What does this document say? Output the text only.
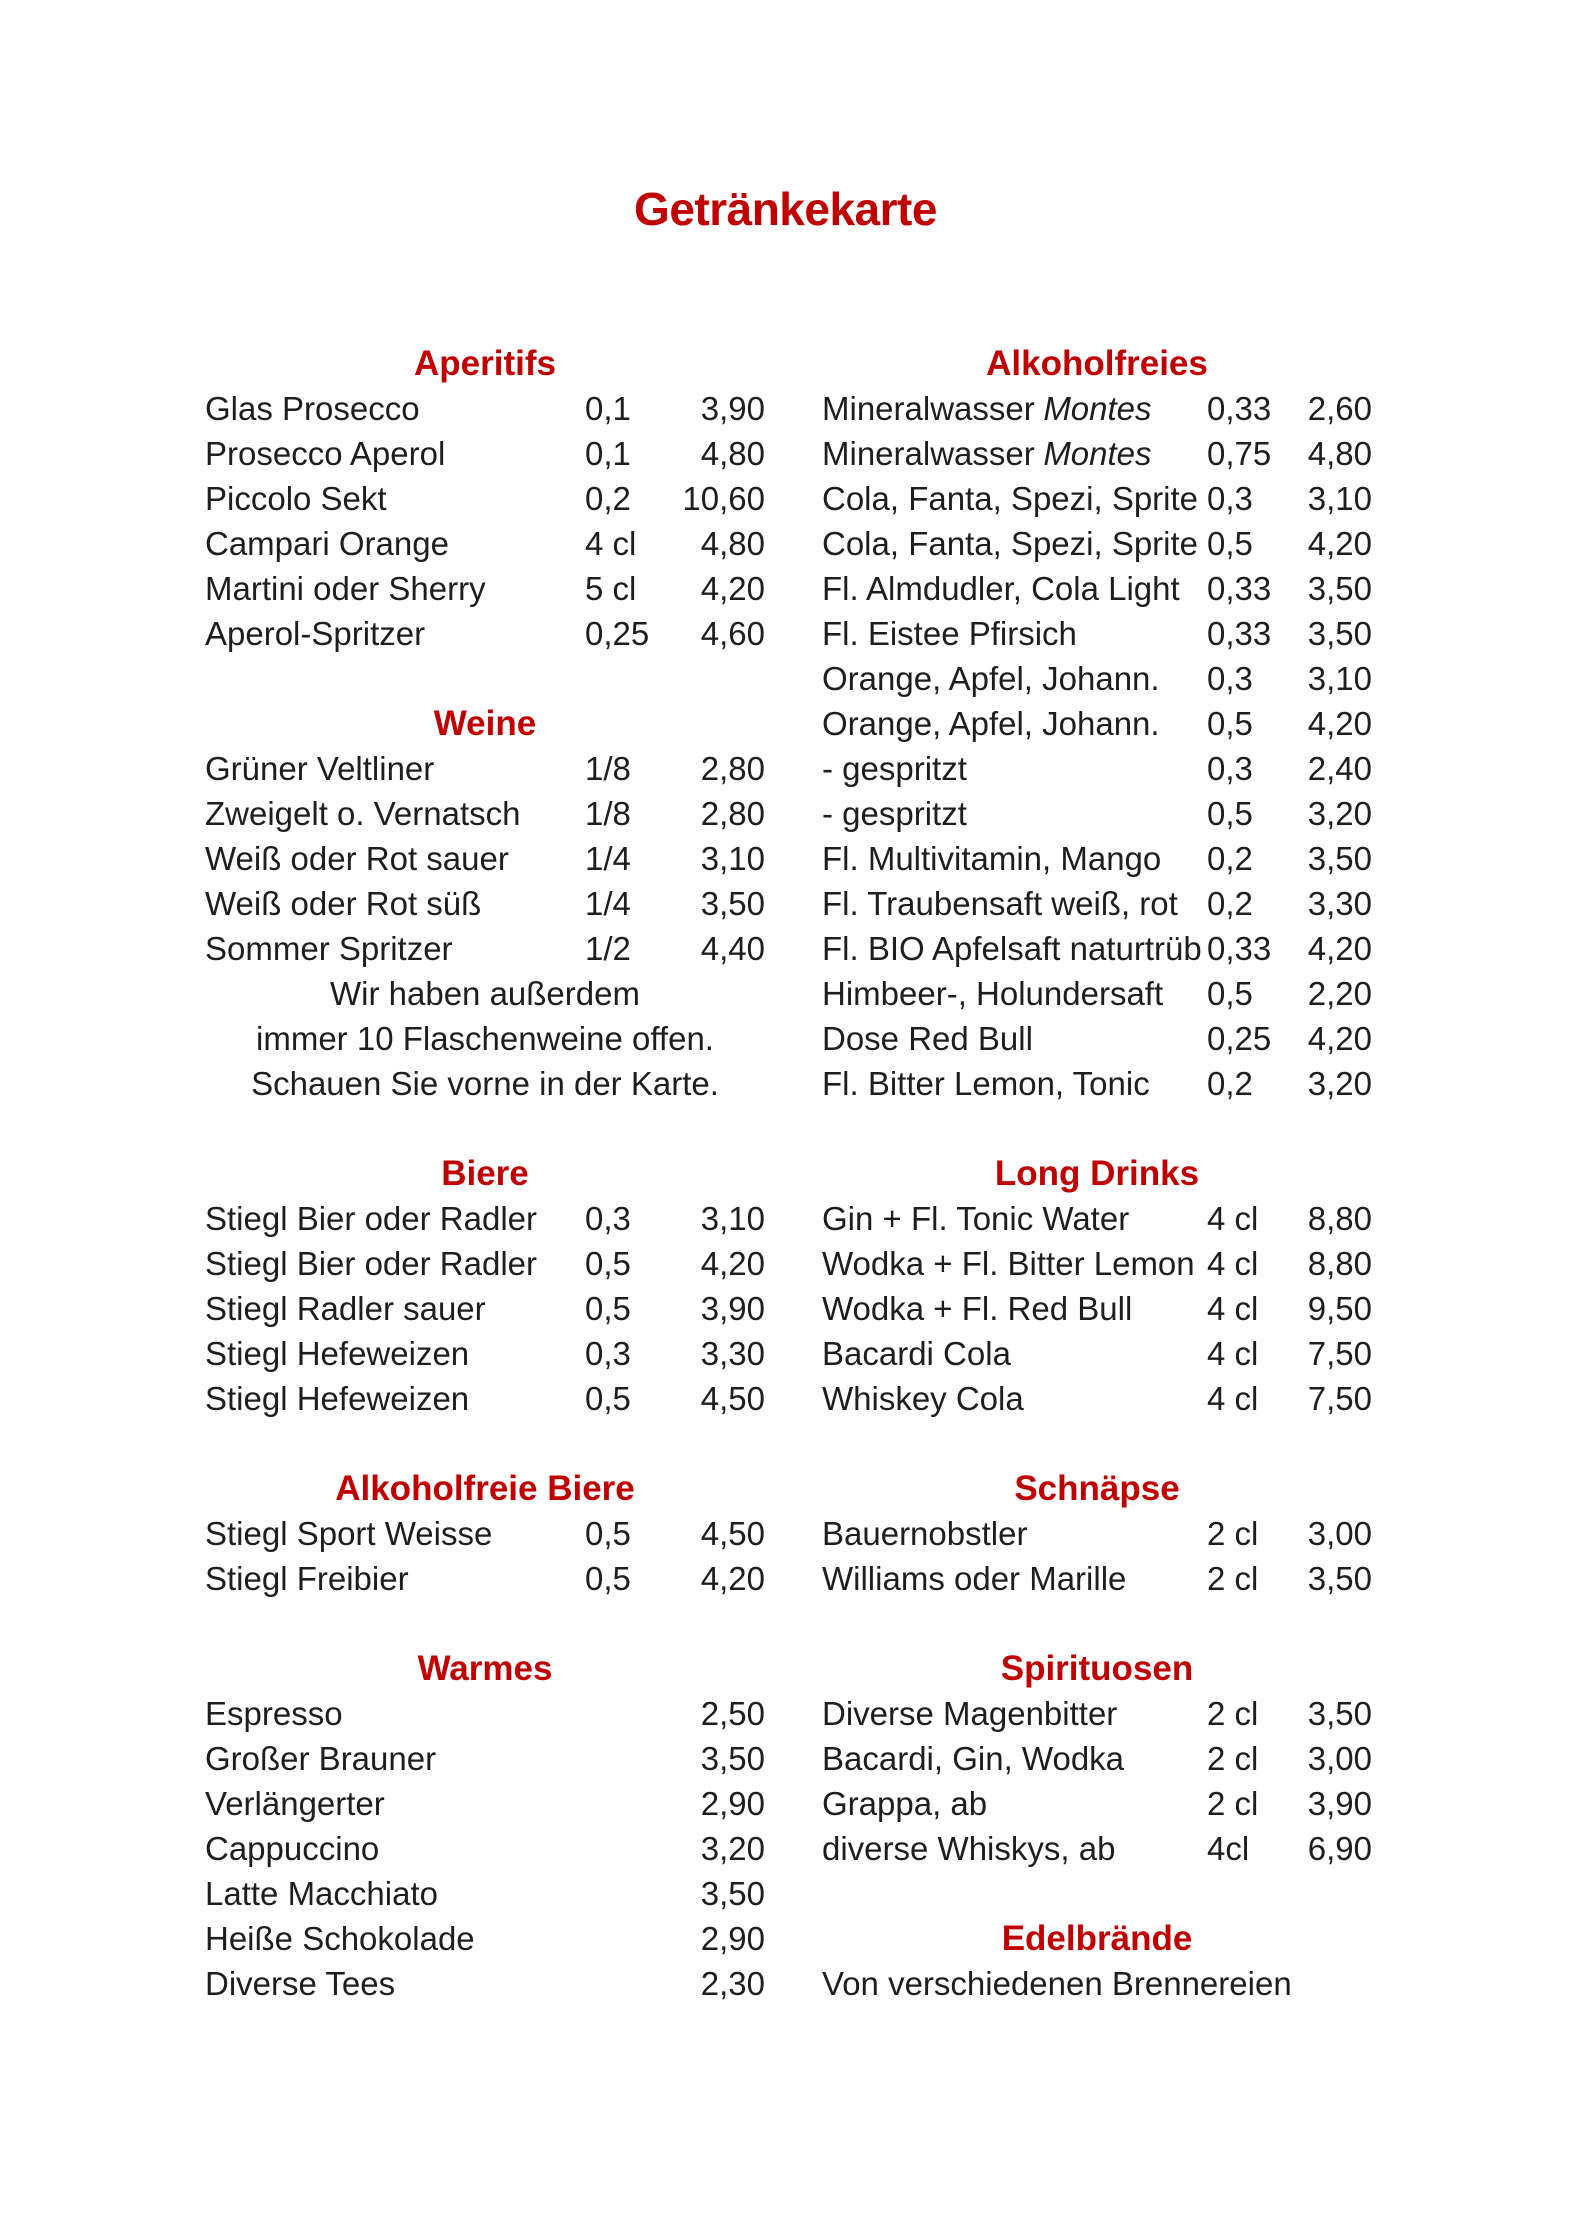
Getränkekarte
Aperitifs
Glas Prosecco	0,1	3,90
Prosecco Aperol	0,1	4,80
Piccolo Sekt	0,2	10,60
Campari Orange	4 cl	4,80
Martini oder Sherry	5 cl	4,20
Aperol-Spritzer	0,25	4,60
Weine
Grüner Veltliner	1/8	2,80
Zweigelt o. Vernatsch	1/8	2,80
Weiß oder Rot sauer	1/4	3,10
Weiß oder Rot süß	1/4	3,50
Sommer Spritzer	1/2	4,40
Wir haben außerdem
immer 10 Flaschenweine offen.
Schauen Sie vorne in der Karte.
Biere
Stiegl Bier oder Radler	0,3	3,10
Stiegl Bier oder Radler	0,5	4,20
Stiegl Radler sauer	0,5	3,90
Stiegl Hefeweizen	0,3	3,30
Stiegl Hefeweizen	0,5	4,50
Alkoholfreie Biere
Stiegl Sport Weisse	0,5	4,50
Stiegl Freibier	0,5	4,20
Warmes
Espresso	2,50
Großer Brauner	3,50
Verlängerter	2,90
Cappuccino	3,20
Latte Macchiato	3,50
Heiße Schokolade	2,90
Diverse Tees	2,30
Alkoholfreies
Mineralwasser Montes	0,33	2,60
Mineralwasser Montes	0,75	4,80
Cola, Fanta, Spezi, Sprite 0,3	3,10
Cola, Fanta, Spezi, Sprite 0,5	4,20
Fl. Almdudler, Cola Light 0,33	3,50
Fl. Eistee Pfirsich	0,33	3,50
Orange, Apfel, Johann.	0,3	3,10
Orange, Apfel, Johann.	0,5	4,20
- gespritzt	0,3	2,40
- gespritzt	0,5	3,20
Fl. Multivitamin, Mango	0,2	3,50
Fl. Traubensaft weiß, rot 0,2	3,30
Fl. BIO Apfelsaft naturtrüb 0,33	4,20
Himbeer-, Holundersaft	0,5	2,20
Dose Red Bull	0,25	4,20
Fl. Bitter Lemon, Tonic	0,2	3,20
Long Drinks
Gin + Fl. Tonic Water	4 cl	8,80
Wodka + Fl. Bitter Lemon 4 cl	8,80
Wodka + Fl. Red Bull	4 cl	9,50
Bacardi Cola	4 cl	7,50
Whiskey Cola	4 cl	7,50
Schnäpse
Bauernobstler	2 cl	3,00
Williams oder Marille	2 cl	3,50
Spirituosen
Diverse Magenbitter	2 cl	3,50
Bacardi, Gin, Wodka	2 cl	3,00
Grappa, ab	2 cl	3,90
diverse Whiskys, ab	4cl	6,90
Edelbrände
Von verschiedenen Brennereien
